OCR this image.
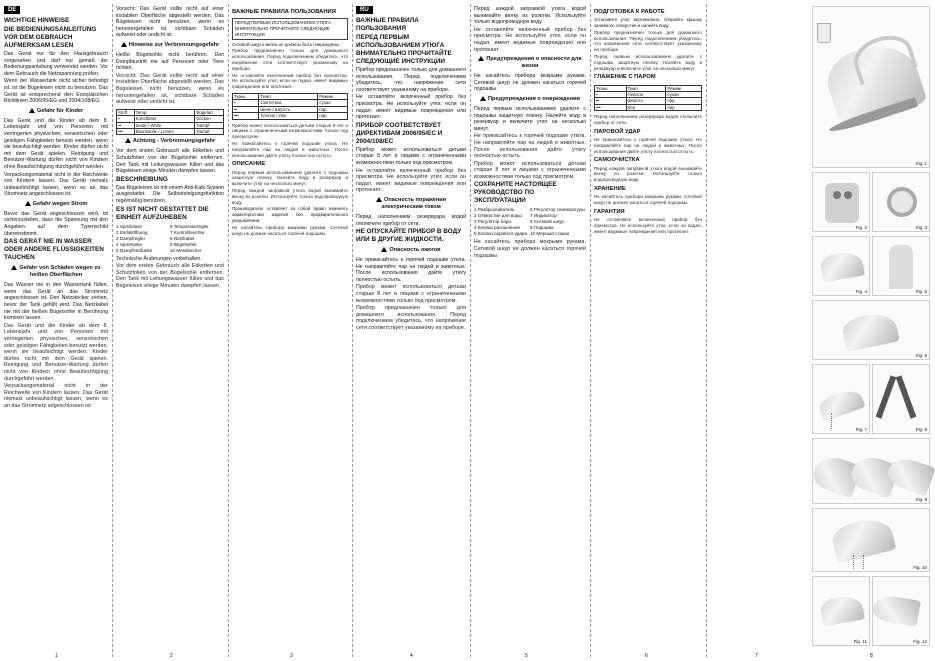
DE
WICHTIGE HINWEISE
DIE BEDIENUNGSANLEITUNG VOR DEM GEBRAUCH AUFMERKSAM LESEN
Das Gerät nur für den Hausgebrauch vorgesehen und darf nur gemäß der Bedienungsanleitung verwendet werden. Vor dem Gebrauch die Netzspannung prüfen.
Wenn der Wassertank nicht sicher befestigt ist, ist die Bügeleisen nicht zu benutzen. Das Gerät ist entsprechend den Europäischen Richtlinien 2006/95/EG und 2004/108/EG.
Gefahr für Kinder
Das Gerät und die Kinder ab dem 8. Lebensjahr und von Personen mit verringerten physischen, sensorischen oder geistigen Fähigkeiten benutzt werden, wenn sie beaufsichtigt werden. Kinder dürfen nicht mit dem Gerät spielen. Reinigung und Benutzer-Wartung dürfen nicht von Kindern ohne Beaufsichtigung durchgeführt werden.
Verpackungsmaterial nicht in der Reichweite von Kindern lassen. Das Gerät niemals unbeaufsichtigt lassen, wenn es an das Stromnetz angeschlossen ist.
Gefahr wegen Strom
Bevor das Gerät angeschlossen wird, ist sicherzustellen, dass die Spannung mit den Angaben auf dem Typenschild übereinstimmt.
DAS GERÄT NIE IN WASSER ODER ANDERE FLÜSSIGKEITEN TAUCHEN
Gefahr von Schäden wegen zu heißen Oberflächen
Das Wasser nie in den Wassertank füllen, wenn das Gerät an das Stromnetz angeschlossen ist. Den Netzstecker ziehen, bevor der Tank gefüllt wird. Das Netzkabel nie mit der heißen Bügelsohle in Berührung kommen lassen.
Das Gerät und die Kinder ab dem 8. Lebensjahr und von Personen mit verringerten physischen, sensorischen oder geistigen Fähigkeiten benutzt werden, wenn sie beaufsichtigt werden. Kinder dürfen nicht mit dem Gerät spielen. Reinigung und Benutzer-Wartung dürfen nicht von Kindern ohne Beaufsichtigung durchgeführt werden.
Verpackungsmaterial nicht in der Reichweite von Kindern lassen. Das Gerät niemals unbeaufsichtigt lassen, wenn es an das Stromnetz angeschlossen ist.
1
Vorsicht: Das Gerät sollte nicht auf einer instabilen Oberfläche abgestellt werden. Das Bügeleisen nicht benutzen, wenn es heruntergefallen ist, sichtbare Schäden aufweist oder undicht ist.
Hinweise zur Verbrennungsgefahr
Heiße Bügelsohle nicht berühren. Den Dampfaustritt nie auf Personen oder Tiere richten.
Vorsicht: Das Gerät sollte nicht auf einer instabilen Oberfläche abgestellt werden. Das Bügeleisen nicht benutzen, wenn es heruntergefallen ist, sichtbare Schäden aufweist oder undicht ist.
Stoff	Temp.	Bügelart
•	Kunstfaser	trocken
••	Seide / Wolle	Dampf
•••	Baumwolle / Leinen	Dampf
Achtung - Verbrennungsgefahr
Vor dem ersten Gebrauch alle Etiketten und Schutzfolien von der Bügelsohle entfernen. Den Tank mit Leitungswasser füllen und das Bügeleisen einige Minuten dampfen lassen.
BESCHREIBUNG
Das Bügeleisen ist mit einem Anti-Kalk-System ausgestattet. Die Selbstreinigungsfunktion regelmäßig benutzen.
ES IST NICHT GESTATTET DIE EINHEIT AUFZUHEBEN
1 Sprühdüse	6 Temperaturregler
2 Einfüllöffnung	7 Kontrollleuchte
3 Dampfregler	8 Netzkabel
4 Sprühtaste	9 Bügelsohle
5 Dampfstoßtaste	10 Messbecher
Technische Änderungen vorbehalten.
Vor dem ersten Gebrauch alle Etiketten und Schutzfolien von der Bügelsohle entfernen. Den Tank mit Leitungswasser füllen und das Bügeleisen einige Minuten dampfen lassen.
2
ВАЖНЫЕ ПРАВИЛА ПОЛЬЗОВАНИЯ
ПЕРЕД ПЕРВЫМ ИСПОЛЬЗОВАНИЕМ УТЮГА ВНИМАТЕЛЬНО ПРОЧИТАЙТЕ СЛЕДУЮЩИЕ ИНСТРУКЦИИ
Сетевой шнур и вилка не должны быть повреждены.
Прибор предназначен только для домашнего использования. Перед подключением убедитесь, что напряжение сети соответствует указанному на приборе.
Не оставляйте включенный прибор без присмотра. Не используйте утюг, если он падал, имеет видимые повреждения или протекает.
Ткань	Темп.	Режим
•	Синтетика	сухая
••	Шелк / Шерсть	пар
•••	Хлопок / Лен	пар
Прибор может использоваться детьми старше 8 лет и лицами с ограниченными возможностями только под присмотром.
Не прикасайтесь к горячей подошве утюга. Не направляйте пар на людей и животных. После использования дайте утюгу полностью остыть.
ОПИСАНИЕ
Перед первым использованием удалите с подошвы защитную пленку. Налейте воду в резервуар и включите утюг на несколько минут.
Перед каждой заправкой утюга водой вынимайте вилку из розетки. Используйте только водопроводную воду.
Производитель оставляет за собой право изменять характеристики изделия без предварительного уведомления.
Не касайтесь прибора мокрыми руками. Сетевой шнур не должен касаться горячей подошвы.
3
RU
ВАЖНЫЕ ПРАВИЛА ПОЛЬЗОВАНИЯ
ПЕРЕД ПЕРВЫМ ИСПОЛЬЗОВАНИЕМ УТЮГА ВНИМАТЕЛЬНО ПРОЧИТАЙТЕ СЛЕДУЮЩИЕ ИНСТРУКЦИИ
Прибор предназначен только для домашнего использования. Перед подключением убедитесь, что напряжение сети соответствует указанному на приборе.
Не оставляйте включенный прибор без присмотра. Не используйте утюг, если он падал, имеет видимые повреждения или протекает.
ПРИБОР СООТВЕТСТВУЕТ ДИРЕКТИВАМ 2006/95/EC И 2004/108/EC
Прибор может использоваться детьми старше 8 лет и лицами с ограниченными возможностями только под присмотром.
Не оставляйте включенный прибор без присмотра. Не используйте утюг, если он падал, имеет видимые повреждения или протекает.
Опасность поражения электрическим током
Перед наполнением резервуара водой отключите прибор от сети.
НЕ ОПУСКАЙТЕ ПРИБОР В ВОДУ ИЛИ В ДРУГИЕ ЖИДКОСТИ.
Опасность ожогов
Не прикасайтесь к горячей подошве утюга. Не направляйте пар на людей и животных. После использования дайте утюгу полностью остыть.
Прибор может использоваться детьми старше 8 лет и лицами с ограниченными возможностями только под присмотром.
Прибор предназначен только для домашнего использования. Перед подключением убедитесь, что напряжение сети соответствует указанному на приборе.
4
Перед каждой заправкой утюга водой вынимайте вилку из розетки. Используйте только водопроводную воду.
Не оставляйте включенный прибор без присмотра. Не используйте утюг, если он падал, имеет видимые повреждения или протекает.
Предупреждения о опасности для жизни
Не касайтесь прибора мокрыми руками. Сетевой шнур не должен касаться горячей подошвы.
Предупреждения о повреждении
Перед первым использованием удалите с подошвы защитную пленку. Налейте воду в резервуар и включите утюг на несколько минут.
Не прикасайтесь к горячей подошве утюга. Не направляйте пар на людей и животных. После использования дайте утюгу полностью остыть.
Прибор может использоваться детьми старше 8 лет и лицами с ограниченными возможностями только под присмотром.
СОХРАНИТЕ НАСТОЯЩЕЕ РУКОВОДСТВО ПО ЭКСПЛУАТАЦИИ
1 Разбрызгиватель	6 Регулятор температуры
2 Отверстие для воды	7 Индикатор
3 Регулятор пара	8 Сетевой шнур
4 Кнопка распыления	9 Подошва
5 Кнопка парового удара 10 Мерный стакан
Не касайтесь прибора мокрыми руками. Сетевой шнур не должен касаться горячей подошвы.
5
ПОДГОТОВКА К РАБОТЕ
Установите утюг вертикально. Откройте крышку заливного отверстия и налейте воду.
Прибор предназначен только для домашнего использования. Перед подключением убедитесь, что напряжение сети соответствует указанному на приборе.
Перед первым использованием удалите с подошвы защитную пленку. Налейте воду в резервуар и включите утюг на несколько минут.
ГЛАЖЕНИЕ С ПАРОМ
Ткань	Темп.	Режим
•	Нейлон	сухая
••	Шерсть	пар
•••	Лен	пар
Перед наполнением резервуара водой отключите прибор от сети.
ПАРОВОЙ УДАР
Не прикасайтесь к горячей подошве утюга. Не направляйте пар на людей и животных. После использования дайте утюгу полностью остыть.
САМООЧИСТКА
Перед каждой заправкой утюга водой вынимайте вилку из розетки. Используйте только водопроводную воду.
ХРАНЕНИЕ
Не касайтесь прибора мокрыми руками. Сетевой шнур не должен касаться горячей подошвы.
ГАРАНТИЯ
Не оставляйте включенный прибор без присмотра. Не используйте утюг, если он падал, имеет видимые повреждения или протекает.
6	7	8
Fig. 1
Fig. 2	Fig. 3
Fig. 4	Fig. 5
Fig. 6
Fig. 7	Fig. 8
Fig. 9
Fig. 10
Fig. 11	Fig. 12
